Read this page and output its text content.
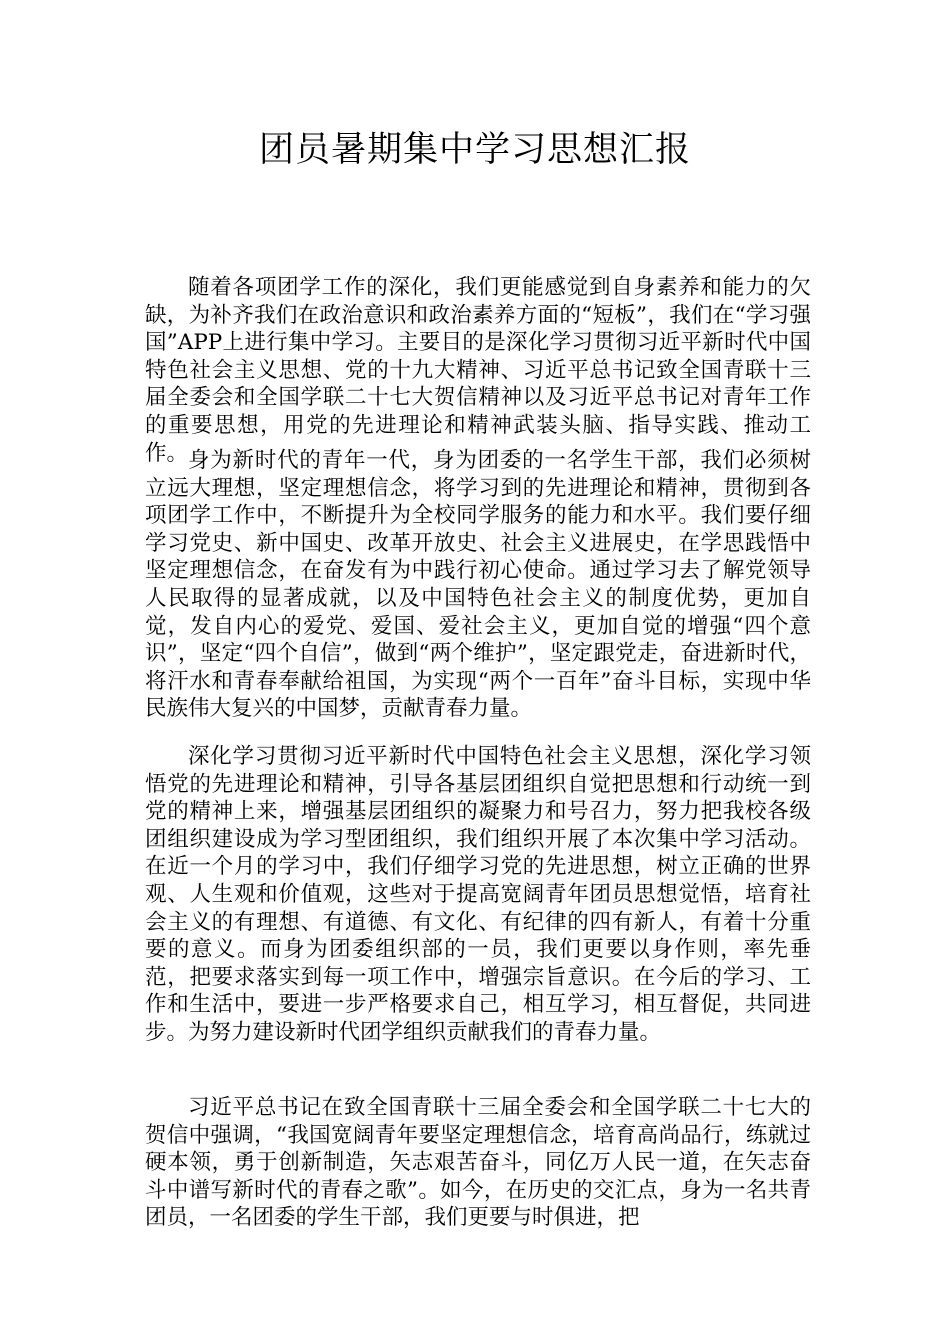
团员暑期集中学习思想汇报

随着各项团学工作的深化，我们更能感觉到自身素养和能力的欠缺，为补齐我们在政治意识和政治素养方面的“短板”，我们在“学习强国”APP上进行集中学习。主要目的是深化学习贯彻习近平新时代中国特色社会主义思想、党的十九大精神、习近平总书记致全国青联十三届全委会和全国学联二十七大贺信精神以及习近平总书记对青年工作的重要思想，用党的先进理论和精神武装头脑、指导实践、推动工作。 身为新时代的青年一代，身为团委的一名学生干部，我们必须树立远大理想，坚定理想信念，将学习到的先进理论和精神，贯彻到各项团学工作中，不断提升为全校同学服务的能力和水平。我们要仔细学习党史、新中国史、改革开放史、社会主义进展史，在学思践悟中坚定理想信念，在奋发有为中践行初心使命。通过学习去了解党领导人民取得的显著成就，以及中国特色社会主义的制度优势，更加自觉，发自内心的爱党、爱国、爱社会主义，更加自觉的增强“四个意识”，坚定“四个自信”，做到“两个维护”，坚定跟党走，奋进新时代，将汗水和青春奉献给祖国，为实现“两个一百年”奋斗目标，实现中华民族伟大复兴的中国梦，贡献青春力量。

深化学习贯彻习近平新时代中国特色社会主义思想，深化学习领悟党的先进理论和精神，引导各基层团组织自觉把思想和行动统一到党的精神上来，增强基层团组织的凝聚力和号召力，努力把我校各级团组织建设成为学习型团组织，我们组织开展了本次集中学习活动。在近一个月的学习中，我们仔细学习党的先进思想，树立正确的世界观、人生观和价值观，这些对于提高宽阔青年团员思想觉悟，培育社会主义的有理想、有道德、有文化、有纪律的四有新人，有着十分重要的意义。而身为团委组织部的一员，我们更要以身作则，率先垂范，把要求落实到每一项工作中，增强宗旨意识。在今后的学习、工作和生活中，要进一步严格要求自己，相互学习，相互督促，共同进步。为努力建设新时代团学组织贡献我们的青春力量。

习近平总书记在致全国青联十三届全委会和全国学联二十七大的贺信中强调，“我国宽阔青年要坚定理想信念，培育高尚品行，练就过硬本领，勇于创新制造，矢志艰苦奋斗，同亿万人民一道，在矢志奋斗中谱写新时代的青春之歌”。如今，在历史的交汇点，身为一名共青团员，一名团委的学生干部，我们更要与时俱进，把
